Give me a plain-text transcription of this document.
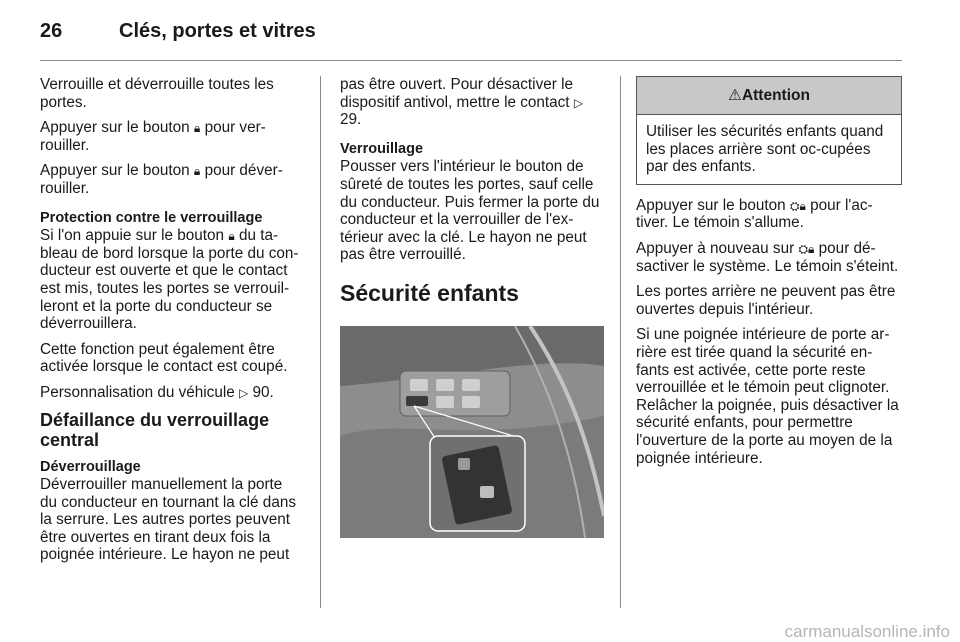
26	Clés, portes et vitres

Verrouille et déverrouille toutes les portes.

Appuyer sur le bouton 🔒︎ pour ver-rouiller.

Appuyer sur le bouton 🔒︎ pour déver-rouiller.

Protection contre le verrouillage

Si l'on appuie sur le bouton 🔒︎ du ta-bleau de bord lorsque la porte du con-ducteur est ouverte et que le contact est mis, toutes les portes se verrouil-leront et la porte du conducteur se déverrouillera.

Cette fonction peut également être activée lorsque le contact est coupé.

Personnalisation du véhicule ▷ 90.

Défaillance du verrouillage central
Déverrouillage

Déverrouiller manuellement la porte du conducteur en tournant la clé dans la serrure. Les autres portes peuvent être ouvertes en tirant deux fois la poignée intérieure. Le hayon ne peut

pas être ouvert. Pour désactiver le dispositif antivol, mettre le contact ▷ 29.

Verrouillage

Pousser vers l'intérieur le bouton de sûreté de toutes les portes, sauf celle du conducteur. Puis fermer la porte du conducteur et la verrouiller de l'ex-térieur avec la clé. Le hayon ne peut pas être verrouillé.

Sécurité enfants
⚠︎Attention
Utiliser les sécurités enfants quand les places arrière sont oc-cupées par des enfants.

Appuyer sur le bouton ⛭🔒︎ pour l'ac-tiver. Le témoin s'allume.

Appuyer à nouveau sur ⛭🔒︎ pour dé-sactiver le système. Le témoin s'éteint.

Les portes arrière ne peuvent pas être ouvertes depuis l'intérieur.

Si une poignée intérieure de porte ar-rière est tirée quand la sécurité en-fants est activée, cette porte reste verrouillée et le témoin peut clignoter. Relâcher la poignée, puis désactiver la sécurité enfants, pour permettre l'ouverture de la porte au moyen de la poignée intérieure.

carmanualsonline.info
